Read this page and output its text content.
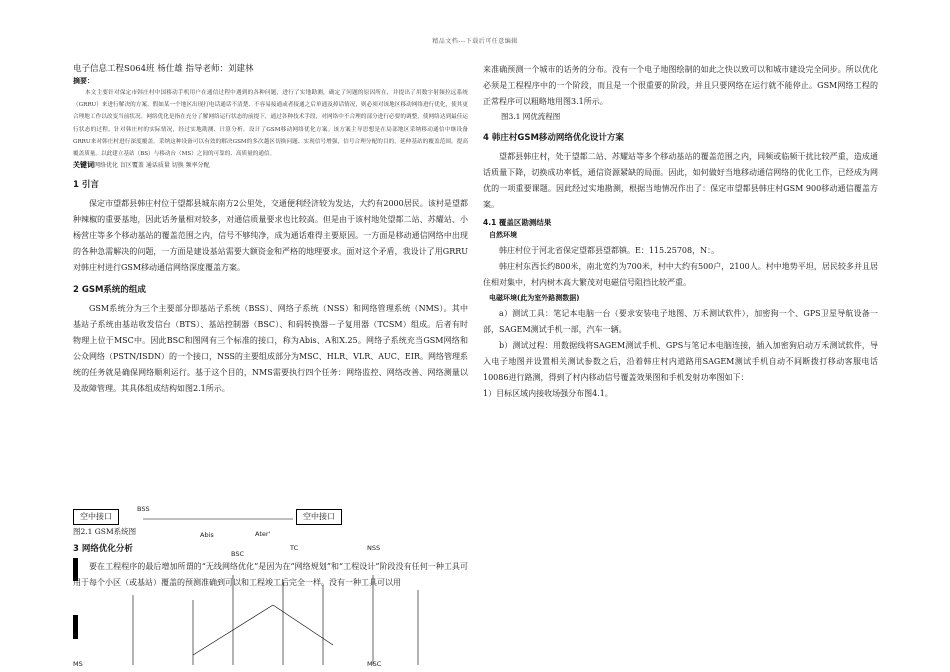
精品文档---下载后可任意编辑

电子信息工程S064班 杨仕雄 指导老师：刘建林

摘要：

本文主要针对保定市韩庄村中国移动手机用户在通信过程中遇到的各种问题，进行了实地勘测，确定了问题的原因所在，并提出了用数字射频拉远系统（GRRU）来进行解决的方案。假如某一个地区出现打电话通话不清楚、不容易接通或者接通之后单通及掉话情况，则必须对该地区移动网络进行优化，使其更合理地工作以改变当前状况。网络优化是指在充分了解网络运行状态的前提下，通过各种技术手段，对网络中不合理的部分进行必要的调整，使网络达到最佳运行状态的过程。针对韩庄村的实际情况，经过实地勘测、计算分析，设计了GSM移动网络优化方案。该方案主导思想是在局部地区采纳移动通信中继设备GRRU来对韩庄村进行深度覆盖。采纳这种设备可以有效的解决GSM的多次越区切换问题、实现信号增强，信号合理分配的目的，延伸基站的覆盖范围，提高覆盖质量。以此建立基站（BS）与移动台（MS）之间的可靠的、高质量的通信。

关键词网络优化 盲区覆盖 通话质量 切换 频率分配

1 引言

保定市望都县韩庄村位于望都县城东南方2公里处，交通便利经济较为发达，大约有2000居民。该村是望都种辣椒的重要基地，因此话务量相对较多，对通信质量要求也比较高。但是由于该村地处望都二站、苏耀站、小杨营庄等多个移动基站的覆盖范围之内，信号不够纯净，成为通话难得主要原因。一方面是移动通信网络中出现的各种急需解决的问题，一方面是建设基站需要大额资金和严格的地理要求。面对这个矛盾，我设计了用GRRU对韩庄村进行GSM移动通信网络深度覆盖方案。

2 GSM系统的组成

GSM系统分为三个主要部分即基站子系统（BSS）、网络子系统（NSS）和网络管理系统（NMS）。其中基站子系统由基站收发信台（BTS）、基站控制器（BSC）、和码转换器－子复用器（TCSM）组成。后者有时物理上位于MSC中。因此BSC和图网有三个标准的接口，称为Abis、A和X.25。网络子系统充当GSM网络和公众网络（PSTN/ISDN）的一个接口，NSS的主要组成部分为MSC、HLR、VLR、AUC、EIR。网络管理系统的任务就是确保网络顺利运行。基于这个目的，NMS需要执行四个任务：网络监控、网络改善、网络测量以及故障管理。其具体组成结构如图2.1所示。

空中接口	空中接口
BSS
Abis	Ater'
TC	NSS
BSC
MS	MSC
图2.1 GSM系统图
3 网络优化分析

要在工程程序的最后增加所谓的“无线网络优化”是因为在“网络规划”和“工程设计”阶段没有任何一种工具可用于每个小区（或基站）覆盖的预测准确到可以和工程竣工后完全一样。没有一种工具可以用

来准确预测一个城市的话务的分布。没有一个电子地图绘制的如此之快以致可以和城市建设完全同步。所以优化必须是工程程序中的一个阶段，而且是一个很重要的阶段，并且只要网络在运行就不能停止。GSM网络工程的正常程序可以粗略地用图3.1所示。

图3.1 网优流程图

4 韩庄村GSM移动网络优化设计方案

望都县韩庄村，处于望都二站、苏耀站等多个移动基站的覆盖范围之内，同频或临频干扰比较严重，造成通话质量下降，切换成功率低，通信资源紧缺的局面。因此，如何做好当地移动通信网络的优化工作，已经成为网优的一项重要课题。因此经过实地勘测，根据当地情况作出了：保定市望都县韩庄村GSM 900移动通信覆盖方案。

4.1 覆盖区勘测结果
自然环境

韩庄村位于河北省保定望都县望都镇。E：115.25708，N：。

韩庄村东西长约800米，南北宽约为700米，村中大约有500户，2100人。村中地势平坦，居民较多并且居住相对集中，村内树木高大繁茂对电磁信号阻挡比较严重。

电磁环境(此为室外路测数据)

a）测试工具：笔记本电脑一台（要求安装电子地图、万禾测试软件），加密狗一个、GPS卫星导航设备一部，SAGEM测试手机一部，汽车一辆。

b）测试过程：用数据线将SAGEM测试手机、GPS与笔记本电脑连接，插入加密狗启动万禾测试软件，导入电子地图并设置相关测试参数之后，沿着韩庄村内道路用SAGEM测试手机自动不间断拨打移动客服电话10086进行路测，得到了村内移动信号覆盖效果图和手机发射功率图如下：

1）目标区域内接收场强分布图4.1。
